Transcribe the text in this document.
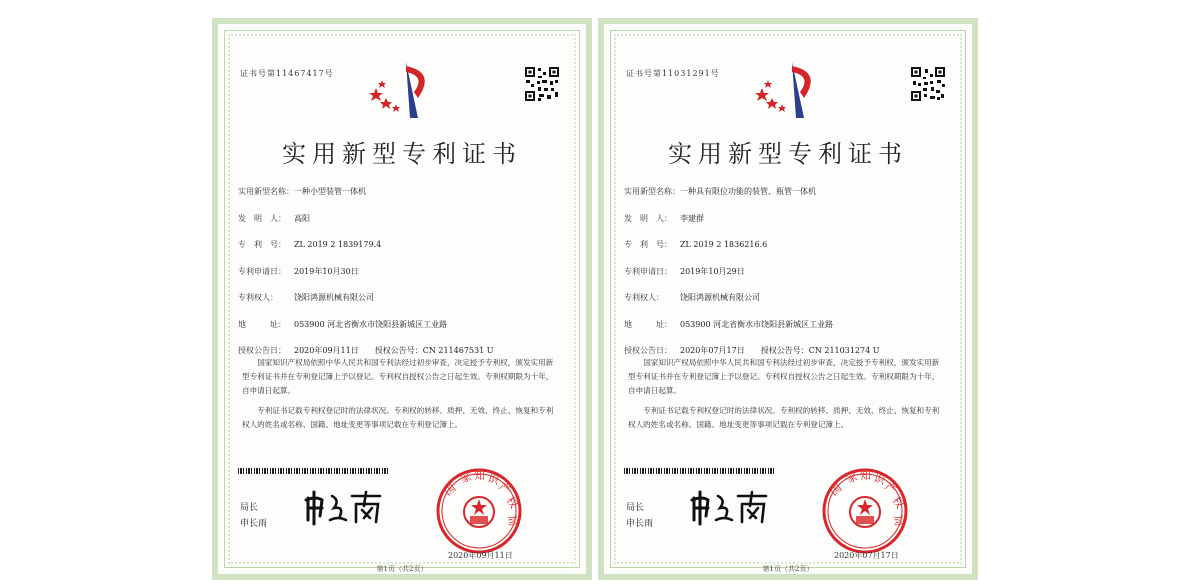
证书号第11467417号
实用新型专利证书
实用新型名称：一种小型装管一体机
发　明　人： 高阳
专　利　号： ZL 2019 2 1839179.4
专利申请日： 2019年10月30日
专利权人： 饶阳鸿源机械有限公司
地　　　址： 053900 河北省衡水市饶阳县新城区工业路
授权公告日： 2020年09月11日　　授权公告号：CN 211467531 U

国家知识产权局依照中华人民共和国专利法经过初步审查，决定授予专利权，颁发实用新型专利证书并在专利登记簿上予以登记。专利权自授权公告之日起生效。专利权期限为十年，自申请日起算。

专利证书记载专利权登记时的法律状况。专利权的转移、质押、无效、终止、恢复和专利权人的姓名或名称、国籍、地址变更等事项记载在专利登记簿上。

局长
申长雨
国
家 知 识
产
权
局
2020年09月11日
第1页（共2页）
证书号第11031291号
实用新型专利证书
实用新型名称：一种具有限位功能的装管、瓶管一体机
发　明　人： 李建群
专　利　号： ZL 2019 2 1836216.6
专利申请日： 2019年10月29日
专利权人： 饶阳鸿源机械有限公司
地　　　址： 053900 河北省衡水市饶阳县新城区工业路
授权公告日： 2020年07月17日　　授权公告号：CN 211031274 U

国家知识产权局依照中华人民共和国专利法经过初步审查，决定授予专利权，颁发实用新型专利证书并在专利登记簿上予以登记。专利权自授权公告之日起生效。专利权期限为十年，自申请日起算。

专利证书记载专利权登记时的法律状况。专利权的转移、质押、无效、终止、恢复和专利权人的姓名或名称、国籍、地址变更等事项记载在专利登记簿上。

局长
申长雨
国
家 知 识
产
权
局
2020年07月17日
第1页（共2页）
